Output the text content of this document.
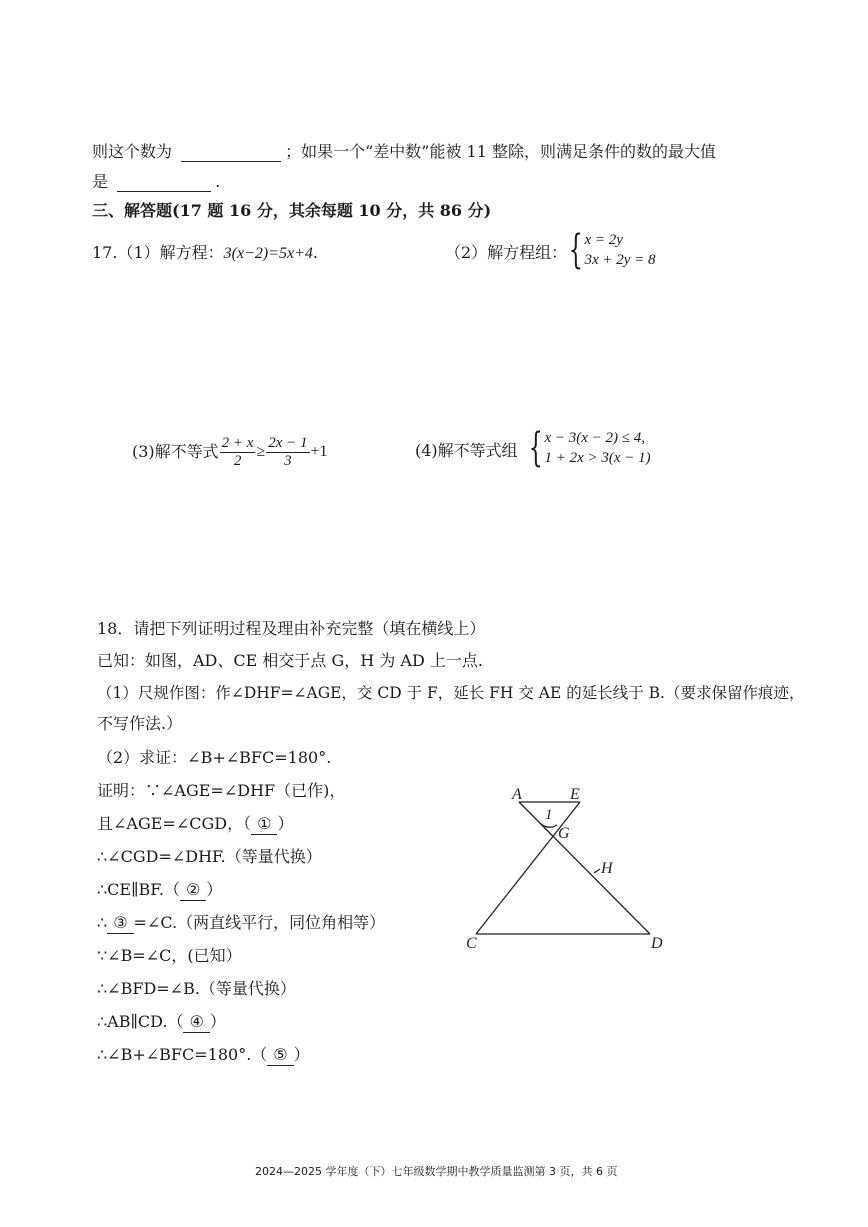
则这个数为	；如果一个“差中数”能被 11 整除，则满足条件的数的最大值
是	.
三、解答题(17 题 16 分，其余每题 10 分，共 86 分)
17.（1）解方程：3(x−2)=5x+4.	（2）解方程组： { x = 2y
3x + 2y = 8
(3)解不等式 $\frac{2 + x}{2} \ge \frac{2x - 1}{3} +1$	(4)解不等式组 { x − 3(x − 2) ≤ 4,
1 + 2x > 3(x − 1)
18．请把下列证明过程及理由补充完整（填在横线上）
已知：如图，AD、CE 相交于点 G，H 为 AD 上一点.
（1）尺规作图：作∠DHF=∠AGE，交 CD 于 F，延长 FH 交 AE 的延长线于 B.（要求保留作痕迹，
不写作法.）
（2）求证：∠B+∠BFC=180°.
证明：∵∠AGE=∠DHF（已作)，
且∠AGE=∠CGD，（ ① ）
∴∠CGD=∠DHF.（等量代换）
∴CE∥BF.（ ② ）
∴ ③ =∠C.（两直线平行，同位角相等）
∵∠B=∠C，(已知）
∴∠BFD=∠B.（等量代换）
∴AB∥CD.（ ④ ）
∴∠B+∠BFC=180°.（ ⑤ ）
A	E
1
G
H
C	D
2024—2025 学年度（下）七年级数学期中教学质量监测第 3 页，共 6 页
